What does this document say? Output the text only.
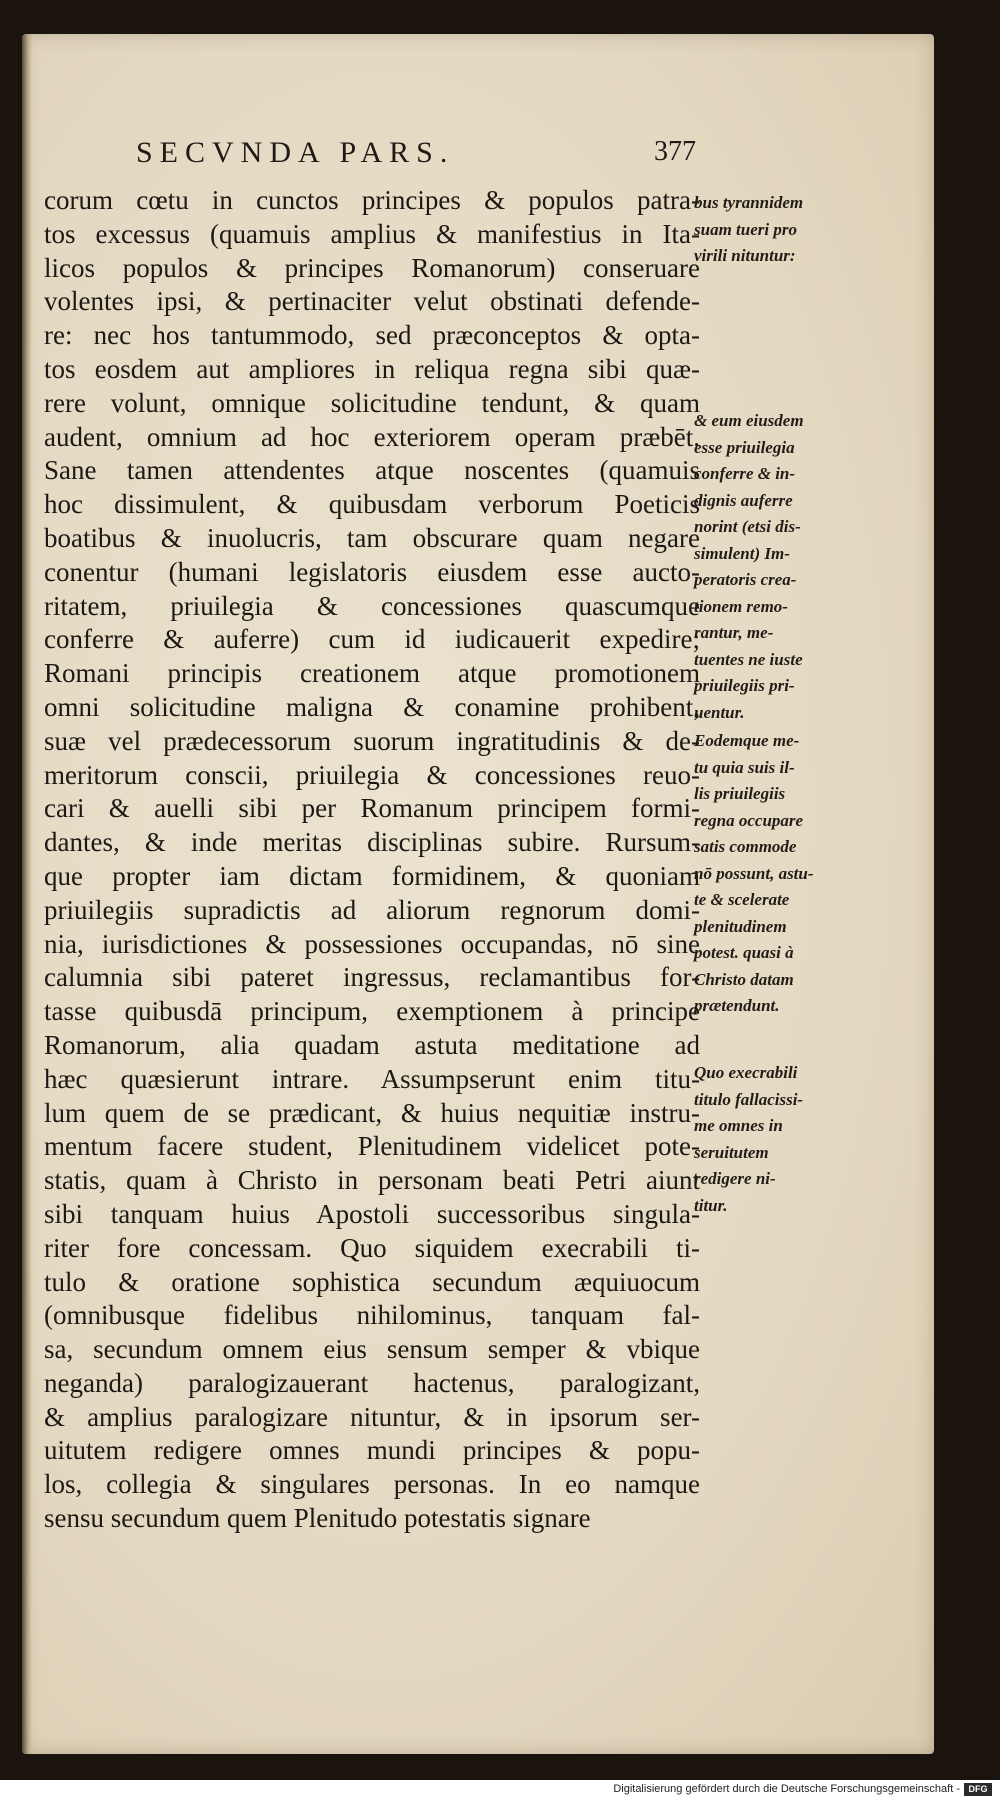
SECVNDA PARS.	377
corum cœtu in cunctos principes & populos patra-
tos excessus (quamuis amplius & manifestius in Ita-
licos populos & principes Romanorum) conseruare
volentes ipsi, & pertinaciter velut obstinati defende-
re: nec hos tantummodo, sed præconceptos & opta-
tos eosdem aut ampliores in reliqua regna sibi quæ-
rere volunt, omnique solicitudine tendunt, & quam
audent, omnium ad hoc exteriorem operam præbēt.
Sane tamen attendentes atque noscentes (quamuis
hoc dissimulent, & quibusdam verborum Poeticis
boatibus & inuolucris, tam obscurare quam negare
conentur (humani legislatoris eiusdem esse aucto-
ritatem, priuilegia & concessiones quascumque
conferre & auferre) cum id iudicauerit expedire;
Romani principis creationem atque promotionem
omni solicitudine maligna & conamine prohibent,
suæ vel prædecessorum suorum ingratitudinis & de-
meritorum conscii, priuilegia & concessiones reuo-
cari & auelli sibi per Romanum principem formi-
dantes, & inde meritas disciplinas subire. Rursum-
que propter iam dictam formidinem, & quoniam
priuilegiis supradictis ad aliorum regnorum domi-
nia, iurisdictiones & possessiones occupandas, nō sine
calumnia sibi pateret ingressus, reclamantibus for-
tasse quibusdā principum, exemptionem à principe
Romanorum, alia quadam astuta meditatione ad
hæc quæsierunt intrare. Assumpserunt enim titu-
lum quem de se prædicant, & huius nequitiæ instru-
mentum facere student, Plenitudinem videlicet pote-
statis, quam à Christo in personam beati Petri aiunt
sibi tanquam huius Apostoli successoribus singula-
riter fore concessam. Quo siquidem execrabili ti-
tulo & oratione sophistica secundum æquiuocum
(omnibusque fidelibus nihilominus, tanquam fal-
sa, secundum omnem eius sensum semper & vbique
neganda) paralogizauerant hactenus, paralogizant,
& amplius paralogizare nituntur, & in ipsorum ser-
uitutem redigere omnes mundi principes & popu-
los, collegia & singulares personas. In eo namque
sensu secundum quem Plenitudo potestatis signare
bus tyrannidem
suam tueri pro
virili nituntur:
& eum eiusdem
esse priuilegia
conferre & in-
dignis auferre
norint (etsi dis-
simulent) Im-
peratoris crea-
tionem remo-
rantur, me-
tuentes ne iuste
priuilegiis pri-
uentur.
Eodemque me-
tu quia suis il-
lis priuilegiis
regna occupare
satis commode
nō possunt, astu-
te & scelerate
plenitudinem
potest. quasi à
Christo datam
prætendunt.
Quo execrabili
titulo fallacissi-
me omnes in
seruitutem
redigere ni-
titur.
Digitalisierung gefördert durch die Deutsche Forschungsgemeinschaft - DFG
